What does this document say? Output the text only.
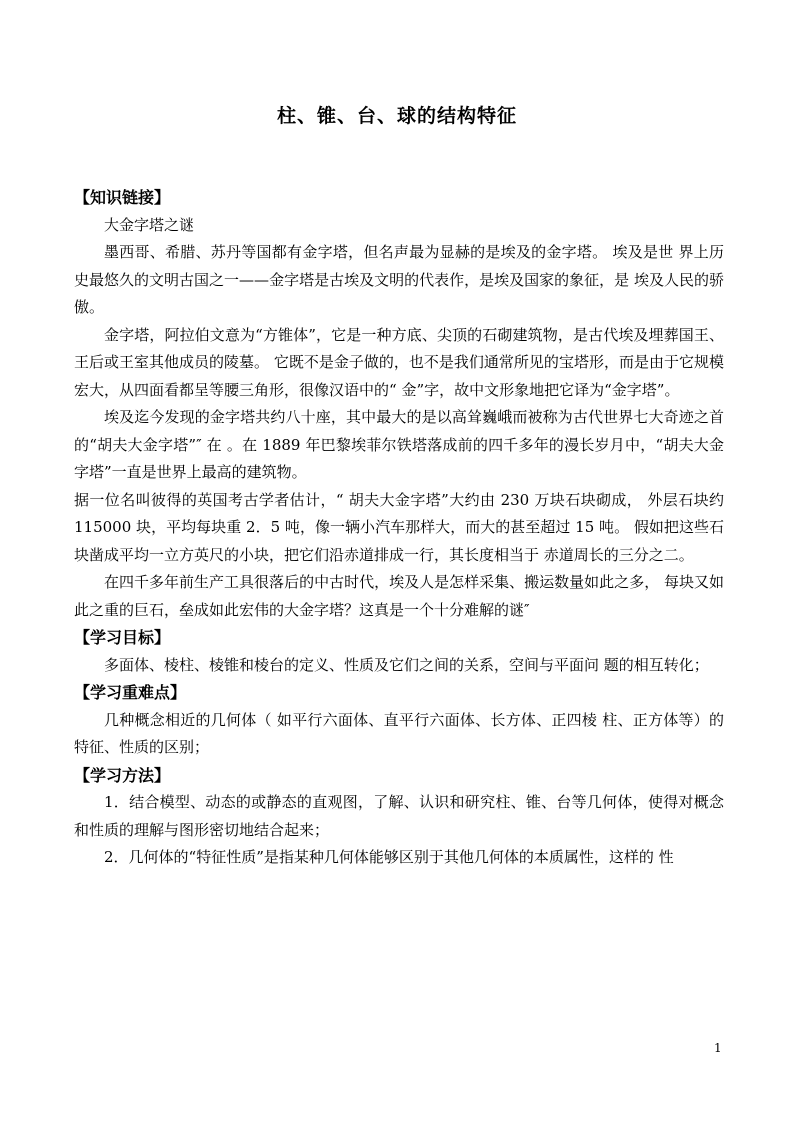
柱、锥、台、球的结构特征

【知识链接】

大金字塔之谜

墨西哥、希腊、苏丹等国都有金字塔，但名声最为显赫的是埃及的金字塔。 埃及是世 界上历史最悠久的文明古国之一——金字塔是古埃及文明的代表作，是埃及国家的象征，是 埃及人民的骄傲。

金字塔，阿拉伯文意为“方锥体”，它是一种方底、尖顶的石砌建筑物，是古代埃及埋葬国王、王后或王室其他成员的陵墓。 它既不是金子做的，也不是我们通常所见的宝塔形，而是由于它规模宏大，从四面看都呈等腰三角形，很像汉语中的“ 金”字，故中文形象地把它译为“金字塔”。

埃及迄今发现的金字塔共约八十座，其中最大的是以高耸巍峨而被称为古代世界七大奇迹之首的“胡夫大金字塔”″ 在 。在 1889 年巴黎埃菲尔铁塔落成前的四千多年的漫长岁月中，“胡夫大金字塔”一直是世界上最高的建筑物。

据一位名叫彼得的英国考古学者估计，“ 胡夫大金字塔”大约由 230 万块石块砌成， 外层石块约 115000 块，平均每块重 2．5 吨，像一辆小汽车那样大，而大的甚至超过 15 吨。 假如把这些石块凿成平均一立方英尺的小块，把它们沿赤道排成一行，其长度相当于 赤道周长的三分之二。

在四千多年前生产工具很落后的中古时代，埃及人是怎样采集、搬运数量如此之多， 每块又如此之重的巨石，垒成如此宏伟的大金字塔？这真是一个十分难解的谜″

【学习目标】

多面体、棱柱、棱锥和棱台的定义、性质及它们之间的关系，空间与平面问 题的相互转化；

【学习重难点】

几种概念相近的几何体（ 如平行六面体、直平行六面体、长方体、正四棱 柱、正方体等）的特征、性质的区别；

【学习方法】

1．结合模型、动态的或静态的直观图，了解、认识和研究柱、锥、台等几何体，使得对概念和性质的理解与图形密切地结合起来；

2．几何体的“特征性质”是指某种几何体能够区别于其他几何体的本质属性，这样的 性

1
